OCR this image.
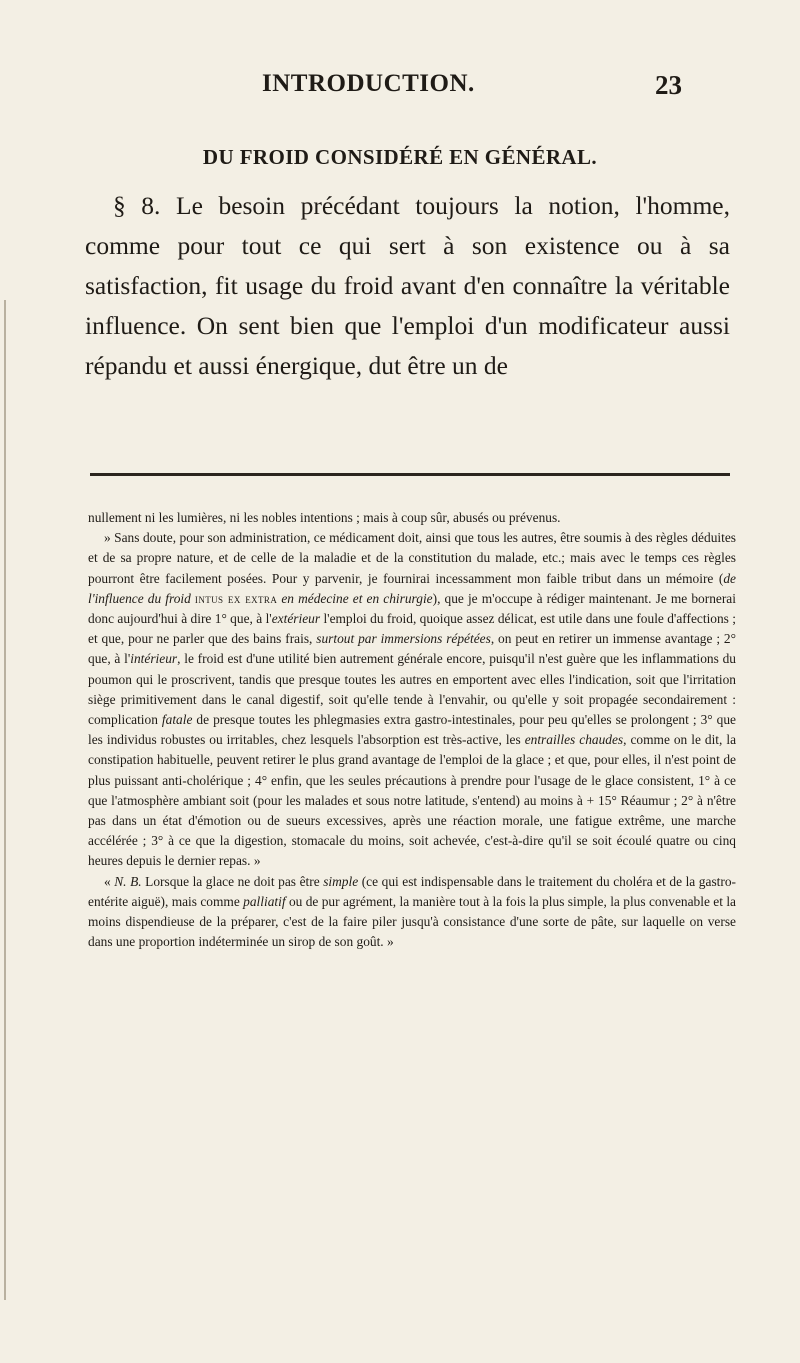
INTRODUCTION.	23
DU FROID CONSIDÉRÉ EN GÉNÉRAL.

§ 8. Le besoin précédant toujours la notion, l'homme, comme pour tout ce qui sert à son existence ou à sa satisfaction, fit usage du froid avant d'en connaître la véritable influence. On sent bien que l'emploi d'un modificateur aussi répandu et aussi énergique, dut être un de

nullement ni les lumières, ni les nobles intentions ; mais à coup sûr, abusés ou prévenus.

» Sans doute, pour son administration, ce médicament doit, ainsi que tous les autres, être soumis à des règles déduites et de sa propre nature, et de celle de la maladie et de la constitution du malade, etc.; mais avec le temps ces règles pourront être facilement posées. Pour y parvenir, je fournirai incessamment mon faible tribut dans un mémoire (de l'influence du froid intus ex extra en médecine et en chirurgie), que je m'occupe à rédiger maintenant. Je me bornerai donc aujourd'hui à dire 1° que, à l'extérieur l'emploi du froid, quoique assez délicat, est utile dans une foule d'affections ; et que, pour ne parler que des bains frais, surtout par immersions répétées, on peut en retirer un immense avantage ; 2° que, à l'intérieur, le froid est d'une utilité bien autrement générale encore, puisqu'il n'est guère que les inflammations du poumon qui le proscrivent, tandis que presque toutes les autres en emportent avec elles l'indication, soit que l'irritation siège primitivement dans le canal digestif, soit qu'elle tende à l'envahir, ou qu'elle y soit propagée secondairement : complication fatale de presque toutes les phlegmasies extra gastro-intestinales, pour peu qu'elles se prolongent ; 3° que les individus robustes ou irritables, chez lesquels l'absorption est très-active, les entrailles chaudes, comme on le dit, la constipation habituelle, peuvent retirer le plus grand avantage de l'emploi de la glace ; et que, pour elles, il n'est point de plus puissant anti-cholérique ; 4° enfin, que les seules précautions à prendre pour l'usage de le glace consistent, 1° à ce que l'atmosphère ambiant soit (pour les malades et sous notre latitude, s'entend) au moins à + 15° Réaumur ; 2° à n'être pas dans un état d'émotion ou de sueurs excessives, après une réaction morale, une fatigue extrême, une marche accélérée ; 3° à ce que la digestion, stomacale du moins, soit achevée, c'est-à-dire qu'il se soit écoulé quatre ou cinq heures depuis le dernier repas. »

« N. B. Lorsque la glace ne doit pas être simple (ce qui est indispensable dans le traitement du choléra et de la gastro-entérite aiguë), mais comme palliatif ou de pur agrément, la manière tout à la fois la plus simple, la plus convenable et la moins dispendieuse de la préparer, c'est de la faire piler jusqu'à consistance d'une sorte de pâte, sur laquelle on verse dans une proportion indéterminée un sirop de son goût. »
